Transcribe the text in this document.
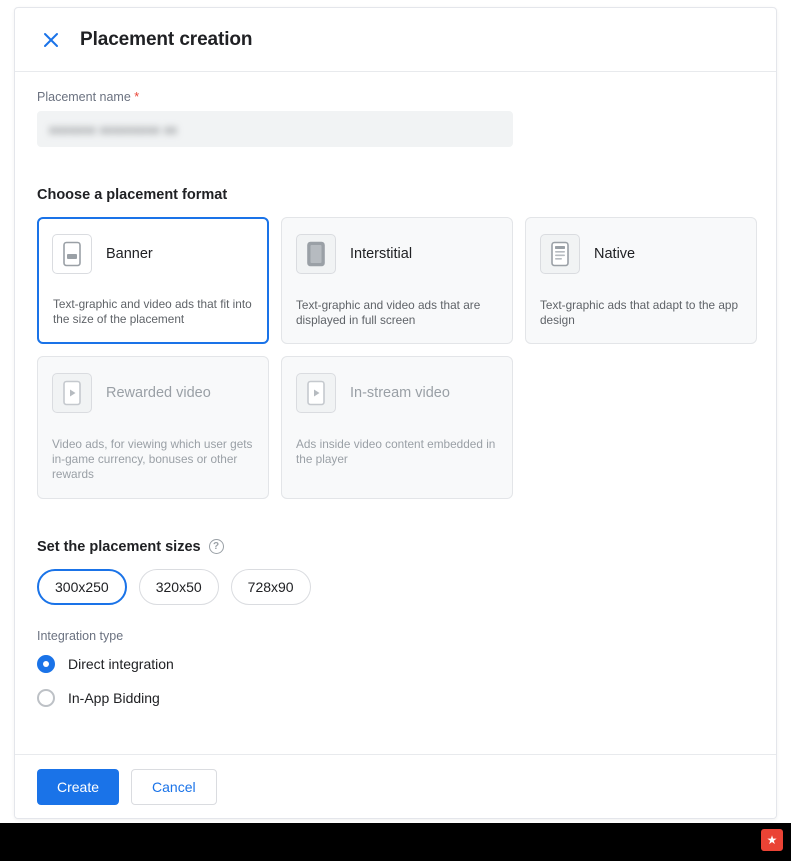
Placement creation
Placement name *
xxxxxxx xxxxxxxxx xx
Choose a placement format
Banner
Text-graphic and video ads that fit into the size of the placement
Interstitial
Text-graphic and video ads that are displayed in full screen
Native
Text-graphic ads that adapt to the app design
Rewarded video
Video ads, for viewing which user gets in-game currency, bonuses or other rewards
In-stream video
Ads inside video content embedded in the player
Set the placement sizes	?
300x250	320x50	728x90
Integration type
Direct integration
In-App Bidding
Create	Cancel
★
